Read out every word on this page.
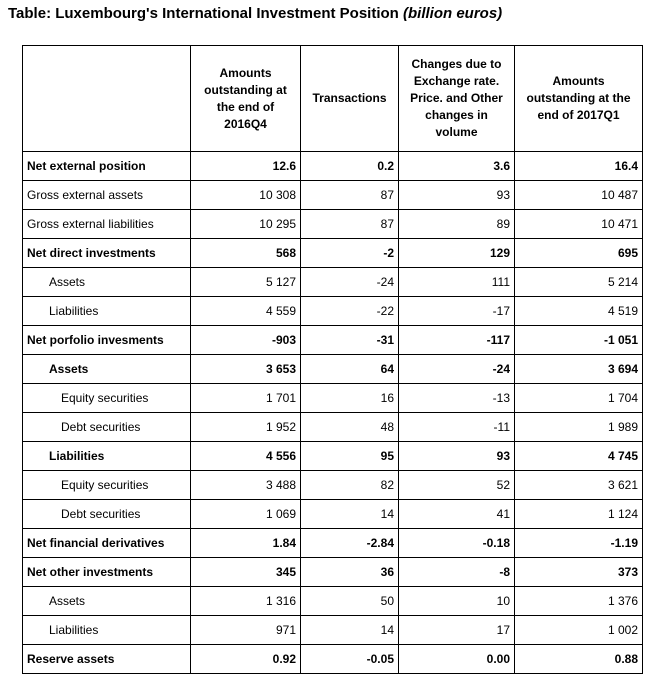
Table: Luxembourg's International Investment Position (billion euros)
	Amounts outstanding at the end of 2016Q4	Transactions	Changes due to Exchange rate. Price. and Other changes in volume	Amounts outstanding at the end of 2017Q1
Net external position	12.6	0.2	3.6	16.4
Gross external assets	10 308	87	93	10 487
Gross external liabilities	10 295	87	89	10 471
Net direct investments	568	-2	129	695
Assets	5 127	-24	111	5 214
Liabilities	4 559	-22	-17	4 519
Net porfolio invesments	-903	-31	-117	-1 051
Assets	3 653	64	-24	3 694
Equity securities	1 701	16	-13	1 704
Debt securities	1 952	48	-11	1 989
Liabilities	4 556	95	93	4 745
Equity securities	3 488	82	52	3 621
Debt securities	1 069	14	41	1 124
Net financial derivatives	1.84	-2.84	-0.18	-1.19
Net other investments	345	36	-8	373
Assets	1 316	50	10	1 376
Liabilities	971	14	17	1 002
Reserve assets	0.92	-0.05	0.00	0.88
